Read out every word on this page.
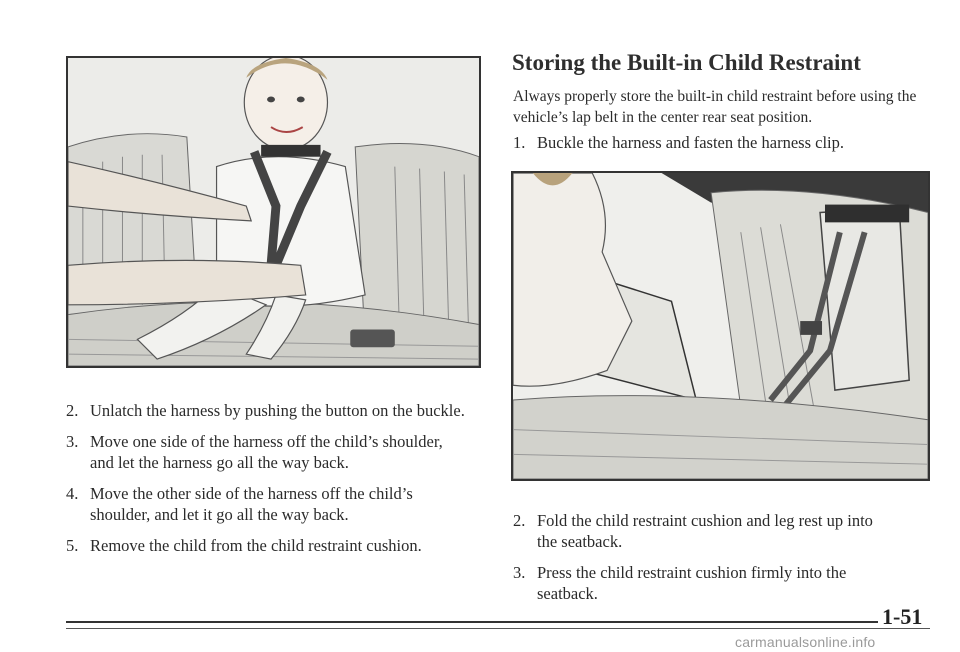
2. Unlatch the harness by pushing the button on the buckle.
3. Move one side of the harness off the child’s shoulder, and let the harness go all the way back.
4. Move the other side of the harness off the child’s shoulder, and let it go all the way back.
5. Remove the child from the child restraint cushion.
Storing the Built-in Child Restraint

Always properly store the built-in child restraint before using the vehicle’s lap belt in the center rear seat position.

1. Buckle the harness and fasten the harness clip.
2. Fold the child restraint cushion and leg rest up into the seatback.
3. Press the child restraint cushion firmly into the seatback.
1-51
carmanualsonline.info
